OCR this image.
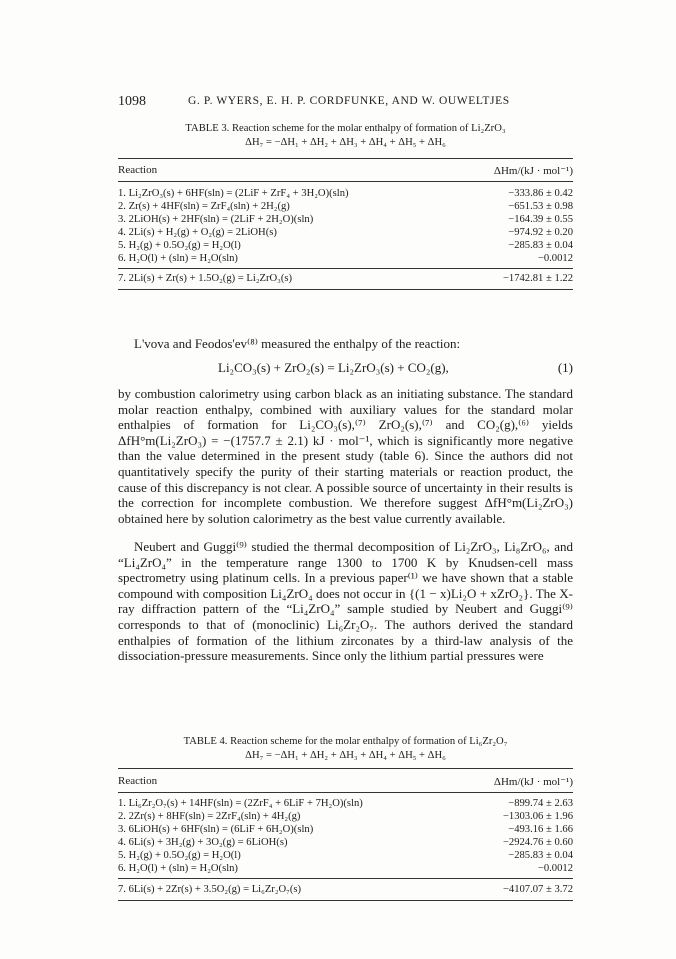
1098	G. P. WYERS, E. H. P. CORDFUNKE, AND W. OUWELTJES
TABLE 3. Reaction scheme for the molar enthalpy of formation of Li₂ZrO₃
ΔH₇ = −ΔH₁ + ΔH₂ + ΔH₃ + ΔH₄ + ΔH₅ + ΔH₆
Reaction	ΔHm/(kJ · mol⁻¹)
1. Li₂ZrO₃(s) + 6HF(sln) = (2LiF + ZrF₄ + 3H₂O)(sln)	−333.86 ± 0.42
2. Zr(s) + 4HF(sln) = ZrF₄(sln) + 2H₂(g)	−651.53 ± 0.98
3. 2LiOH(s) + 2HF(sln) = (2LiF + 2H₂O)(sln)	−164.39 ± 0.55
4. 2Li(s) + H₂(g) + O₂(g) = 2LiOH(s)	−974.92 ± 0.20
5. H₂(g) + 0.5O₂(g) = H₂O(l)	−285.83 ± 0.04
6. H₂O(l) + (sln) = H₂O(sln)	−0.0012
7. 2Li(s) + Zr(s) + 1.5O₂(g) = Li₂ZrO₃(s)	−1742.81 ± 1.22
L'vova and Feodos'ev⁽⁸⁾ measured the enthalpy of the reaction:
Li₂CO₃(s) + ZrO₂(s) = Li₂ZrO₃(s) + CO₂(g),	(1)
by combustion calorimetry using carbon black as an initiating substance. The standard molar reaction enthalpy, combined with auxiliary values for the standard molar enthalpies of formation for Li₂CO₃(s),⁽⁷⁾ ZrO₂(s),⁽⁷⁾ and CO₂(g),⁽⁶⁾ yields ΔfH°m(Li₂ZrO₃) = −(1757.7 ± 2.1) kJ · mol⁻¹, which is significantly more negative than the value determined in the present study (table 6). Since the authors did not quantitatively specify the purity of their starting materials or reaction product, the cause of this discrepancy is not clear. A possible source of uncertainty in their results is the correction for incomplete combustion. We therefore suggest ΔfH°m(Li₂ZrO₃) obtained here by solution calorimetry as the best value currently available.
Neubert and Guggi⁽⁹⁾ studied the thermal decomposition of Li₂ZrO₃, Li₈ZrO₆, and “Li₄ZrO₄” in the temperature range 1300 to 1700 K by Knudsen-cell mass spectrometry using platinum cells. In a previous paper⁽¹⁾ we have shown that a stable compound with composition Li₄ZrO₄ does not occur in {(1 − x)Li₂O + xZrO₂}. The X-ray diffraction pattern of the “Li₄ZrO₄” sample studied by Neubert and Guggi⁽⁹⁾ corresponds to that of (monoclinic) Li₆Zr₂O₇. The authors derived the standard enthalpies of formation of the lithium zirconates by a third-law analysis of the dissociation-pressure measurements. Since only the lithium partial pressures were
TABLE 4. Reaction scheme for the molar enthalpy of formation of Li₆Zr₂O₇
ΔH₇ = −ΔH₁ + ΔH₂ + ΔH₃ + ΔH₄ + ΔH₅ + ΔH₆
Reaction	ΔHm/(kJ · mol⁻¹)
1. Li₆Zr₂O₇(s) + 14HF(sln) = (2ZrF₄ + 6LiF + 7H₂O)(sln)	−899.74 ± 2.63
2. 2Zr(s) + 8HF(sln) = 2ZrF₄(sln) + 4H₂(g)	−1303.06 ± 1.96
3. 6LiOH(s) + 6HF(sln) = (6LiF + 6H₂O)(sln)	−493.16 ± 1.66
4. 6Li(s) + 3H₂(g) + 3O₂(g) = 6LiOH(s)	−2924.76 ± 0.60
5. H₂(g) + 0.5O₂(g) = H₂O(l)	−285.83 ± 0.04
6. H₂O(l) + (sln) = H₂O(sln)	−0.0012
7. 6Li(s) + 2Zr(s) + 3.5O₂(g) = Li₆Zr₂O₇(s)	−4107.07 ± 3.72
